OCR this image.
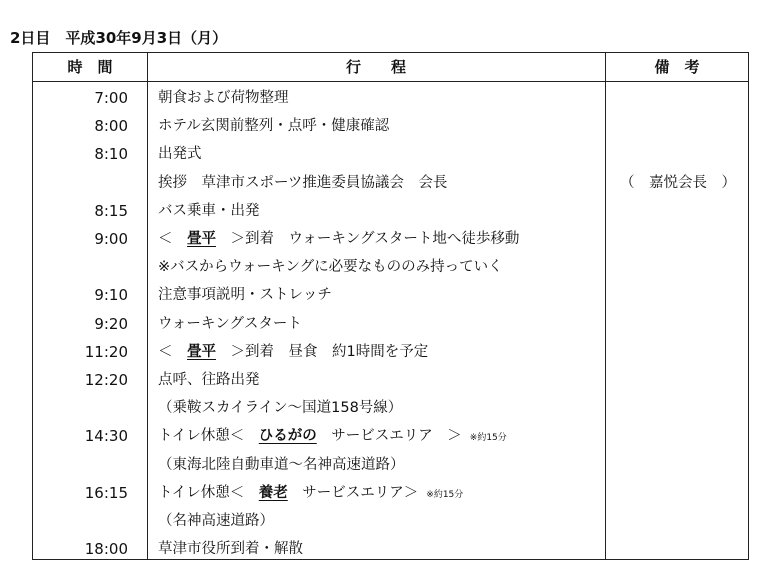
2日目　平成30年9月3日（月）
時　間	行　　程	備　考
7:00 朝食および荷物整理
8:00 ホテル玄関前整列・点呼・健康確認
8:10 出発式
挨拶　草津市スポーツ推進委員協議会　会長	（　嘉悦会長　）
8:15 バス乗車・出発
9:00 ＜　畳平　＞到着　ウォーキングスタート地へ徒歩移動
※バスからウォーキングに必要なもののみ持っていく
9:10 注意事項説明・ストレッチ
9:20 ウォーキングスタート
11:20 ＜　畳平　＞到着　昼食　約1時間を予定
12:20 点呼、往路出発
（乗鞍スカイライン～国道158号線）
14:30 トイレ休憩＜　ひるがの　サービスエリア　＞ ※約15分
（東海北陸自動車道～名神高速道路）
16:15 トイレ休憩＜　養老　サービスエリア＞ ※約15分
（名神高速道路）
18:00 草津市役所到着・解散
